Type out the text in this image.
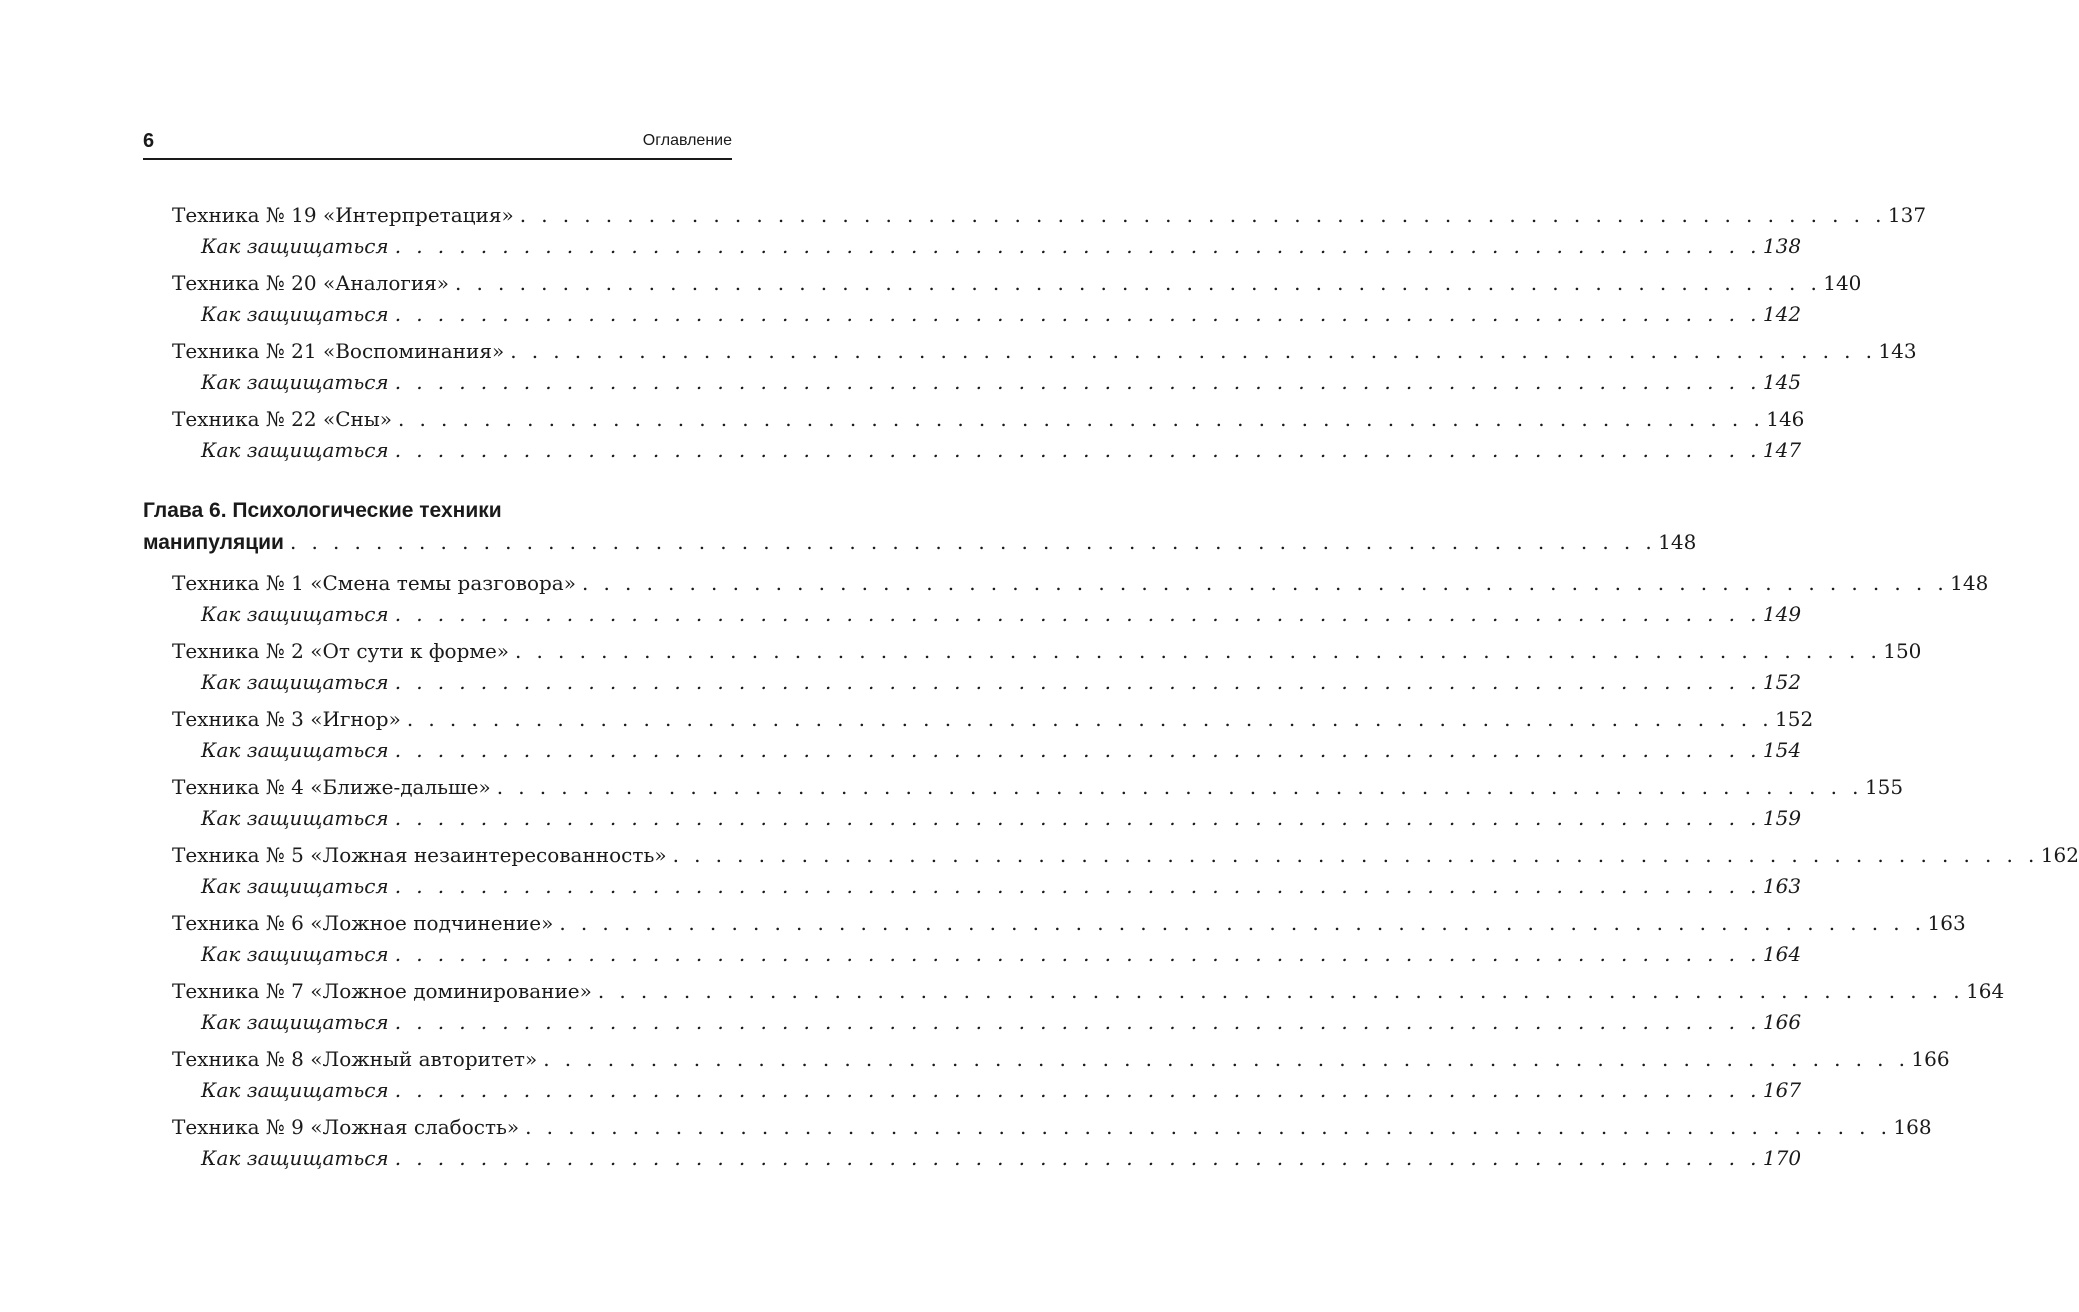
6	Оглавление
Техника № 19 «Интерпретация» . . . . . . . . . . . . . . . . . . . . . . . . . . . . . . . . . . . . . . . . . . . . . . . . . . . . . . . . . . . . . . . . 137
Как защищаться . . . . . . . . . . . . . . . . . . . . . . . . . . . . . . . . . . . . . . . . . . . . . . . . . . . . . . . . . . . . . . . . 138
Техника № 20 «Аналогия» . . . . . . . . . . . . . . . . . . . . . . . . . . . . . . . . . . . . . . . . . . . . . . . . . . . . . . . . . . . . . . . . 140
Как защищаться . . . . . . . . . . . . . . . . . . . . . . . . . . . . . . . . . . . . . . . . . . . . . . . . . . . . . . . . . . . . . . . . 142
Техника № 21 «Воспоминания» . . . . . . . . . . . . . . . . . . . . . . . . . . . . . . . . . . . . . . . . . . . . . . . . . . . . . . . . . . . . . . . . 143
Как защищаться . . . . . . . . . . . . . . . . . . . . . . . . . . . . . . . . . . . . . . . . . . . . . . . . . . . . . . . . . . . . . . . . 145
Техника № 22 «Сны» . . . . . . . . . . . . . . . . . . . . . . . . . . . . . . . . . . . . . . . . . . . . . . . . . . . . . . . . . . . . . . . . 146
Как защищаться . . . . . . . . . . . . . . . . . . . . . . . . . . . . . . . . . . . . . . . . . . . . . . . . . . . . . . . . . . . . . . . . 147
Глава 6. Психологические техники
манипуляции . . . . . . . . . . . . . . . . . . . . . . . . . . . . . . . . . . . . . . . . . . . . . . . . . . . . . . . . . . . . . . . . 148
Техника № 1 «Смена темы разговора» . . . . . . . . . . . . . . . . . . . . . . . . . . . . . . . . . . . . . . . . . . . . . . . . . . . . . . . . . . . . . . . . 148
Как защищаться . . . . . . . . . . . . . . . . . . . . . . . . . . . . . . . . . . . . . . . . . . . . . . . . . . . . . . . . . . . . . . . . 149
Техника № 2 «От сути к форме» . . . . . . . . . . . . . . . . . . . . . . . . . . . . . . . . . . . . . . . . . . . . . . . . . . . . . . . . . . . . . . . . 150
Как защищаться . . . . . . . . . . . . . . . . . . . . . . . . . . . . . . . . . . . . . . . . . . . . . . . . . . . . . . . . . . . . . . . . 152
Техника № 3 «Игнор» . . . . . . . . . . . . . . . . . . . . . . . . . . . . . . . . . . . . . . . . . . . . . . . . . . . . . . . . . . . . . . . . 152
Как защищаться . . . . . . . . . . . . . . . . . . . . . . . . . . . . . . . . . . . . . . . . . . . . . . . . . . . . . . . . . . . . . . . . 154
Техника № 4 «Ближе-дальше» . . . . . . . . . . . . . . . . . . . . . . . . . . . . . . . . . . . . . . . . . . . . . . . . . . . . . . . . . . . . . . . . 155
Как защищаться . . . . . . . . . . . . . . . . . . . . . . . . . . . . . . . . . . . . . . . . . . . . . . . . . . . . . . . . . . . . . . . . 159
Техника № 5 «Ложная незаинтересованность» . . . . . . . . . . . . . . . . . . . . . . . . . . . . . . . . . . . . . . . . . . . . . . . . . . . . . . . . . . . . . . . . 162
Как защищаться . . . . . . . . . . . . . . . . . . . . . . . . . . . . . . . . . . . . . . . . . . . . . . . . . . . . . . . . . . . . . . . . 163
Техника № 6 «Ложное подчинение» . . . . . . . . . . . . . . . . . . . . . . . . . . . . . . . . . . . . . . . . . . . . . . . . . . . . . . . . . . . . . . . . 163
Как защищаться . . . . . . . . . . . . . . . . . . . . . . . . . . . . . . . . . . . . . . . . . . . . . . . . . . . . . . . . . . . . . . . . 164
Техника № 7 «Ложное доминирование» . . . . . . . . . . . . . . . . . . . . . . . . . . . . . . . . . . . . . . . . . . . . . . . . . . . . . . . . . . . . . . . . 164
Как защищаться . . . . . . . . . . . . . . . . . . . . . . . . . . . . . . . . . . . . . . . . . . . . . . . . . . . . . . . . . . . . . . . . 166
Техника № 8 «Ложный авторитет» . . . . . . . . . . . . . . . . . . . . . . . . . . . . . . . . . . . . . . . . . . . . . . . . . . . . . . . . . . . . . . . . 166
Как защищаться . . . . . . . . . . . . . . . . . . . . . . . . . . . . . . . . . . . . . . . . . . . . . . . . . . . . . . . . . . . . . . . . 167
Техника № 9 «Ложная слабость» . . . . . . . . . . . . . . . . . . . . . . . . . . . . . . . . . . . . . . . . . . . . . . . . . . . . . . . . . . . . . . . . 168
Как защищаться . . . . . . . . . . . . . . . . . . . . . . . . . . . . . . . . . . . . . . . . . . . . . . . . . . . . . . . . . . . . . . . . 170
